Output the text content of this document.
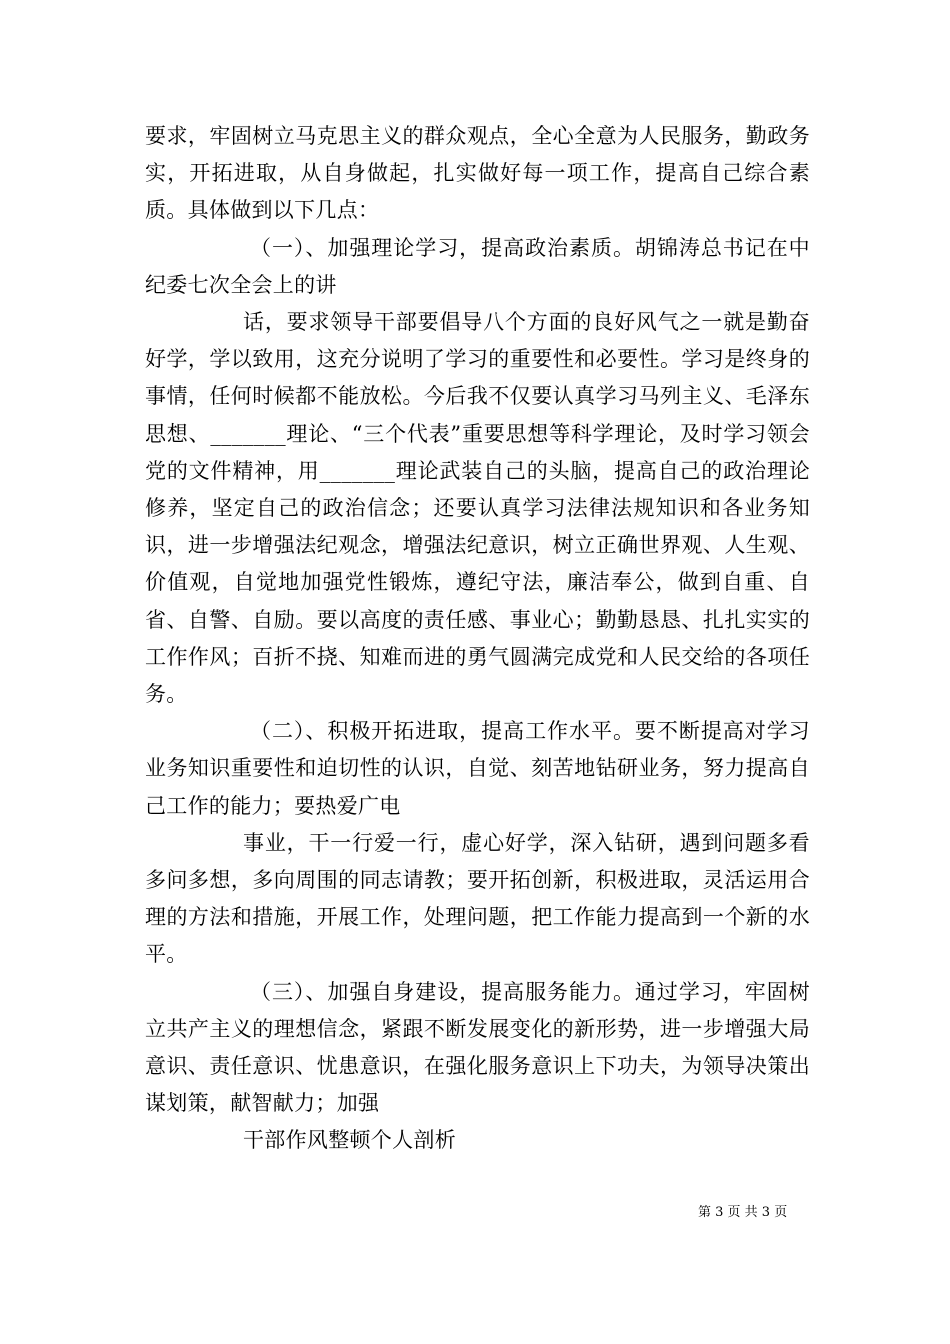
要求，牢固树立马克思主义的群众观点，全心全意为人民服务，勤政务实，开拓进取，从自身做起，扎实做好每一项工作，提高自己综合素质。具体做到以下几点：

（一）、加强理论学习，提高政治素质。胡锦涛总书记在中纪委七次全会上的讲

话，要求领导干部要倡导八个方面的良好风气之一就是勤奋好学，学以致用，这充分说明了学习的重要性和必要性。学习是终身的事情，任何时候都不能放松。今后我不仅要认真学习马列主义、毛泽东思想、_______理论、“三个代表”重要思想等科学理论，及时学习领会党的文件精神，用_______理论武装自己的头脑，提高自己的政治理论修养，坚定自己的政治信念；还要认真学习法律法规知识和各业务知识，进一步增强法纪观念，增强法纪意识，树立正确世界观、人生观、价值观，自觉地加强党性锻炼，遵纪守法，廉洁奉公，做到自重、自省、自警、自励。要以高度的责任感、事业心；勤勤恳恳、扎扎实实的工作作风；百折不挠、知难而进的勇气圆满完成党和人民交给的各项任务。

（二）、积极开拓进取，提高工作水平。要不断提高对学习业务知识重要性和迫切性的认识，自觉、刻苦地钻研业务，努力提高自己工作的能力；要热爱广电

事业，干一行爱一行，虚心好学，深入钻研，遇到问题多看多问多想，多向周围的同志请教；要开拓创新，积极进取，灵活运用合理的方法和措施，开展工作，处理问题，把工作能力提高到一个新的水平。

（三）、加强自身建设，提高服务能力。通过学习，牢固树立共产主义的理想信念，紧跟不断发展变化的新形势，进一步增强大局意识、责任意识、忧患意识，在强化服务意识上下功夫，为领导决策出谋划策，献智献力；加强

干部作风整顿个人剖析

第 3 页 共 3 页
